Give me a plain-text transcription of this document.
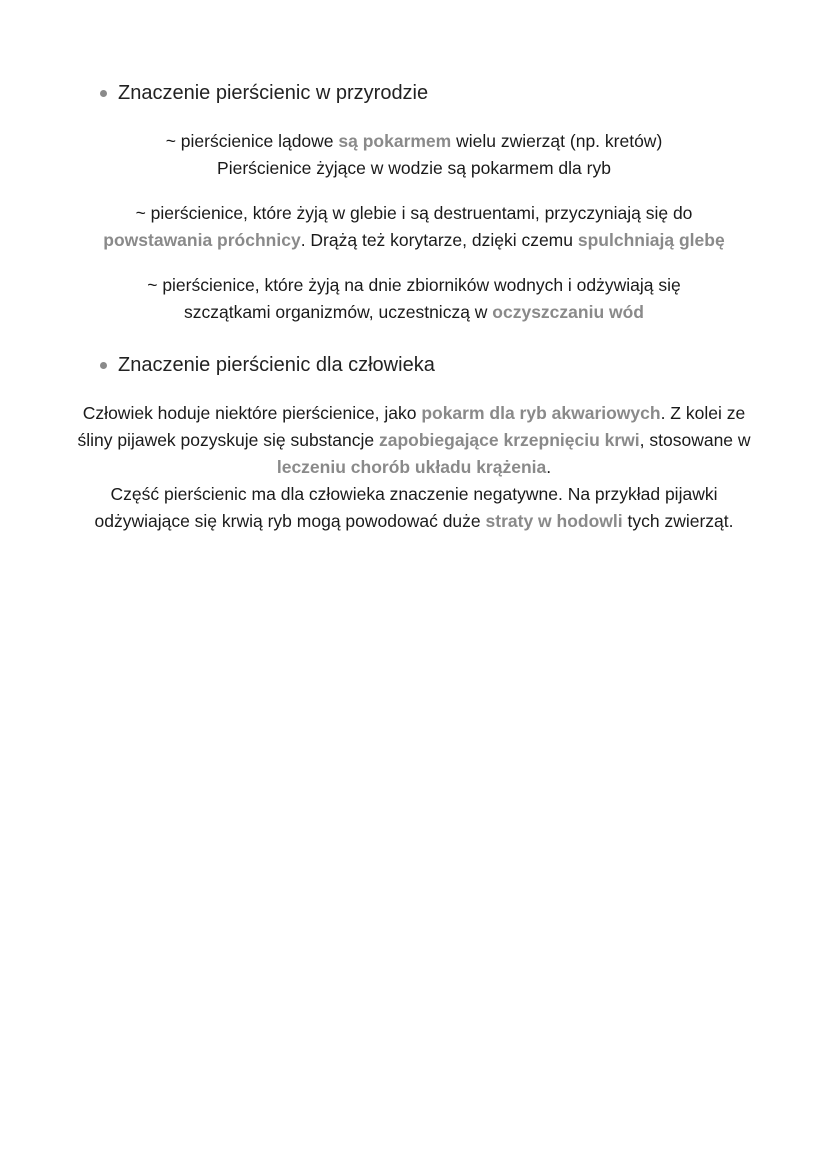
Znaczenie pierścienic w przyrodzie
~ pierścienice lądowe są pokarmem wielu zwierząt (np. kretów)
Pierścienice żyjące w wodzie są pokarmem dla ryb
~ pierścienice, które żyją w glebie i są destruentami, przyczyniają się do
powstawania próchnicy. Drążą też korytarze, dzięki czemu spulchniają glebę
~ pierścienice, które żyją na dnie zbiorników wodnych i odżywiają się
szczątkami organizmów, uczestniczą w oczyszczaniu wód
Znaczenie pierścienic dla człowieka
Człowiek hoduje niektóre pierścienice, jako pokarm dla ryb akwariowych. Z kolei ze śliny pijawek pozyskuje się substancje zapobiegające krzepnięciu krwi, stosowane w leczeniu chorób układu krążenia.
Część pierścienic ma dla człowieka znaczenie negatywne. Na przykład pijawki odżywiające się krwią ryb mogą powodować duże straty w hodowli tych zwierząt.
